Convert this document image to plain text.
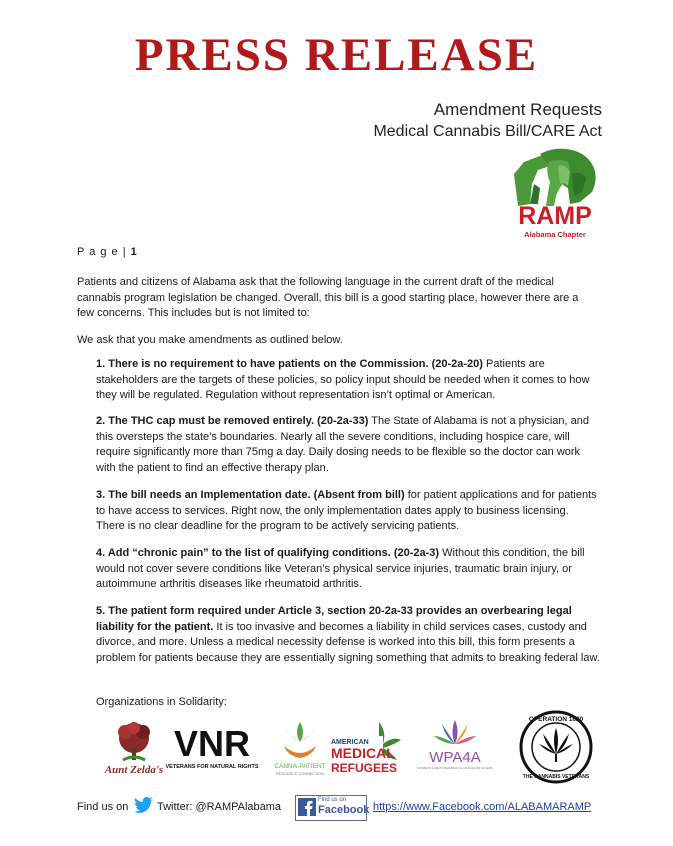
PRESS RELEASE
Amendment Requests
Medical Cannabis Bill/CARE Act
RAMP
Alabama Chapter
P a g e | 1
Patients and citizens of Alabama ask that the following language in the current draft of the medical cannabis program legislation be changed. Overall, this bill is a good starting place, however there are a few concerns. This includes but is not limited to:
We ask that you make amendments as outlined below.
1. There is no requirement to have patients on the Commission. (20-2a-20) Patients are stakeholders are the targets of these policies, so policy input should be needed when it comes to how they will be regulated. Regulation without representation isn’t optimal or American.
2. The THC cap must be removed entirely. (20-2a-33) The State of Alabama is not a physician, and this oversteps the state’s boundaries. Nearly all the severe conditions, including hospice care, will require significantly more than 75mg a day. Daily dosing needs to be flexible so the doctor can work with the patient to find an effective therapy plan.
3. The bill needs an Implementation date. (Absent from bill) for patient applications and for patients to have access to services. Right now, the only implementation dates apply to business licensing. There is no clear deadline for the program to be actively servicing patients.
4. Add “chronic pain” to the list of qualifying conditions. (20-2a-3) Without this condition, the bill would not cover severe conditions like Veteran’s physical service injuries, traumatic brain injury, or autoimmune arthritis diseases like rheumatoid arthritis.
5. The patient form required under Article 3, section 20-2a-33 provides an overbearing legal liability for the patient. It is too invasive and becomes a liability in child services cases, custody and divorce, and more. Unless a medical necessity defense is worked into this bill, this form presents a problem for patients because they are essentially signing something that admits to breaking federal law.
Organizations in Solidarity:
Aunt Zelda's
VNR
VETERANS FOR NATURAL RIGHTS CANNA-PATIENT
RESOURCE CONNECTION
AMERICAN
MEDICAL
REFUGEES
WPA4A
WOMEN'S & MEN'S PHARMACY ALLIANCE FOR ACCESS
OPERATION 1620
THE CANNABIS VETERANS
Find us on	Twitter: @RAMPAlabama
Find us on
Facebook https://www.Facebook.com/ALABAMARAMP
